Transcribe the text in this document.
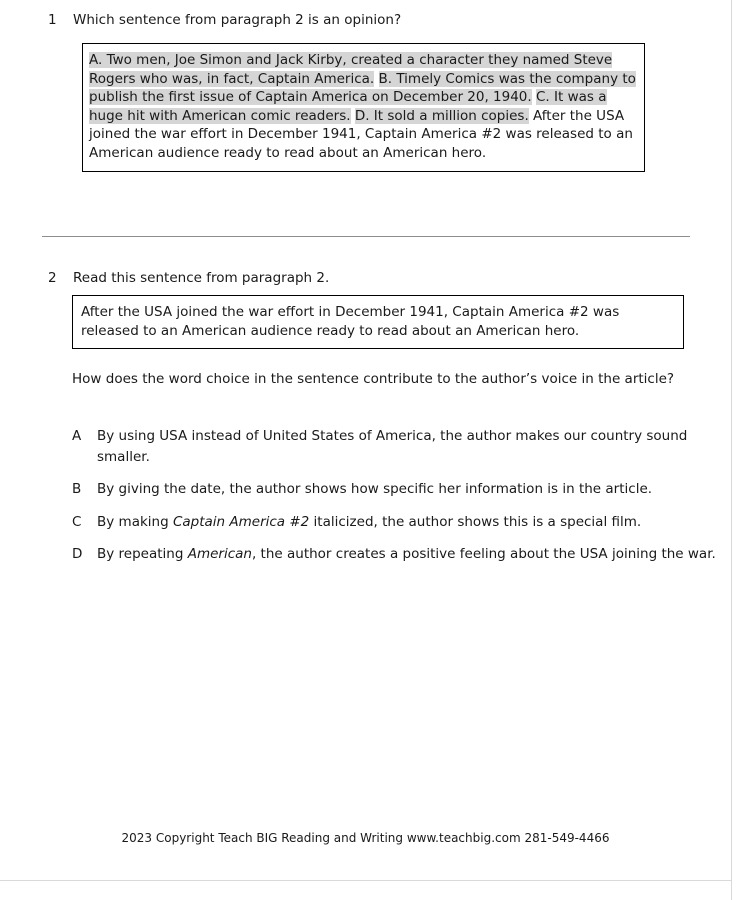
1	Which sentence from paragraph 2 is an opinion?

A. Two men, Joe Simon and Jack Kirby, created a character they named Steve Rogers who was, in fact, Captain America. B. Timely Comics was the company to publish the first issue of Captain America on December 20, 1940. C. It was a huge hit with American comic readers. D. It sold a million copies. After the USA joined the war effort in December 1941, Captain America #2 was released to an American audience ready to read about an American hero.

2	Read this sentence from paragraph 2.

After the USA joined the war effort in December 1941, Captain America #2 was released to an American audience ready to read about an American hero.

How does the word choice in the sentence contribute to the author’s voice in the article?

A	By using USA instead of United States of America, the author makes our country sound smaller.
B	By giving the date, the author shows how specific her information is in the article.
C	By making Captain America #2 italicized, the author shows this is a special film.
D	By repeating American, the author creates a positive feeling about the USA joining the war.
2023 Copyright Teach BIG Reading and Writing www.teachbig.com 281-549-4466
